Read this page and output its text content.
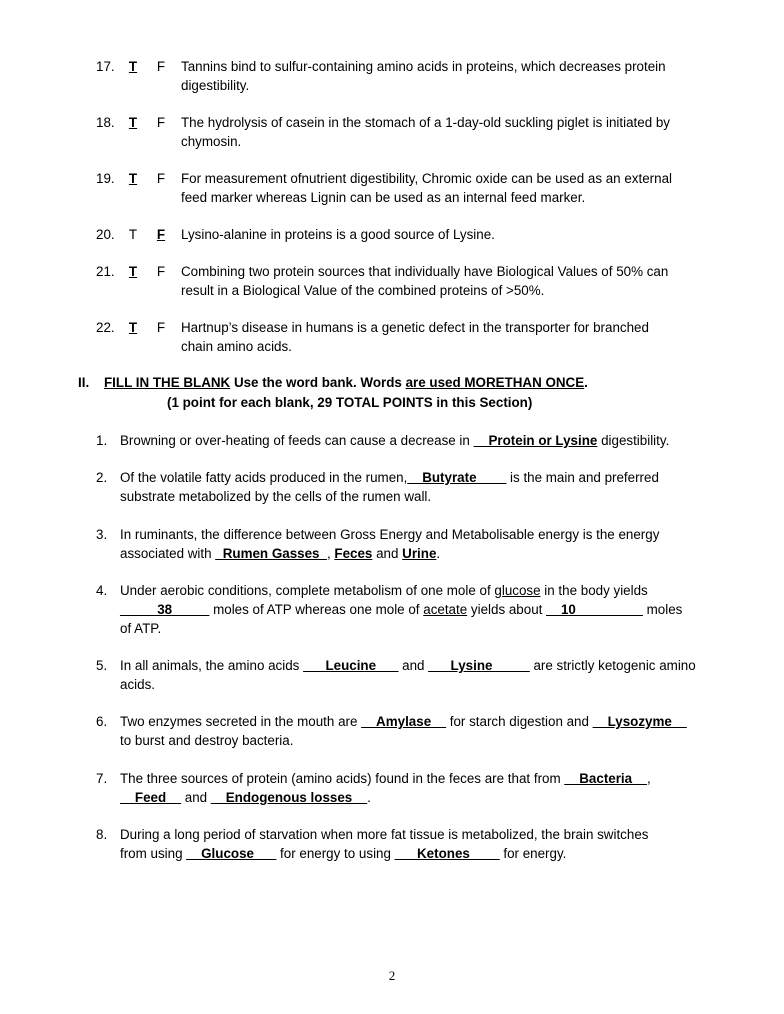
17.	T F Tannins bind to sulfur-containing amino acids in proteins, which decreases protein
digestibility.
18.	T F The hydrolysis of casein in the stomach of a 1-day-old suckling piglet is initiated by
chymosin.
19.	T F For measurement ofnutrient digestibility, Chromic oxide can be used as an external
feed marker whereas Lignin can be used as an internal feed marker.
20.	T F Lysino-alanine in proteins is a good source of Lysine.
21.	T F Combining two protein sources that individually have Biological Values of 50% can
result in a Biological Value of the combined proteins of >50%.
22.	T F Hartnup’s disease in humans is a genetic defect in the transporter for branched
chain amino acids.
II. FILL IN THE BLANK Use the word bank. Words are used MORETHAN ONCE.
(1 point for each blank, 29 TOTAL POINTS in this Section)
1. Browning or over-heating of feeds can cause a decrease in __Protein or Lysine digestibility.
2. Of the volatile fatty acids produced in the rumen,__Butyrate____ is the main and preferred
substrate metabolized by the cells of the rumen wall.
3. In ruminants, the difference between Gross Energy and Metabolisable energy is the energy
associated with _Rumen Gasses_, Feces and Urine.
4. Under aerobic conditions, complete metabolism of one mole of glucose in the body yields
_____38_____ moles of ATP whereas one mole of acetate yields about __10_________ moles
of ATP.
5. In all animals, the amino acids ___Leucine___ and ___Lysine_____ are strictly ketogenic amino
acids.
6. Two enzymes secreted in the mouth are __Amylase__ for starch digestion and __Lysozyme__
to burst and destroy bacteria.
7. The three sources of protein (amino acids) found in the feces are that from __Bacteria__,
__Feed__ and __Endogenous losses__.
8. During a long period of starvation when more fat tissue is metabolized, the brain switches
from using __Glucose___ for energy to using ___Ketones____ for energy.
2
